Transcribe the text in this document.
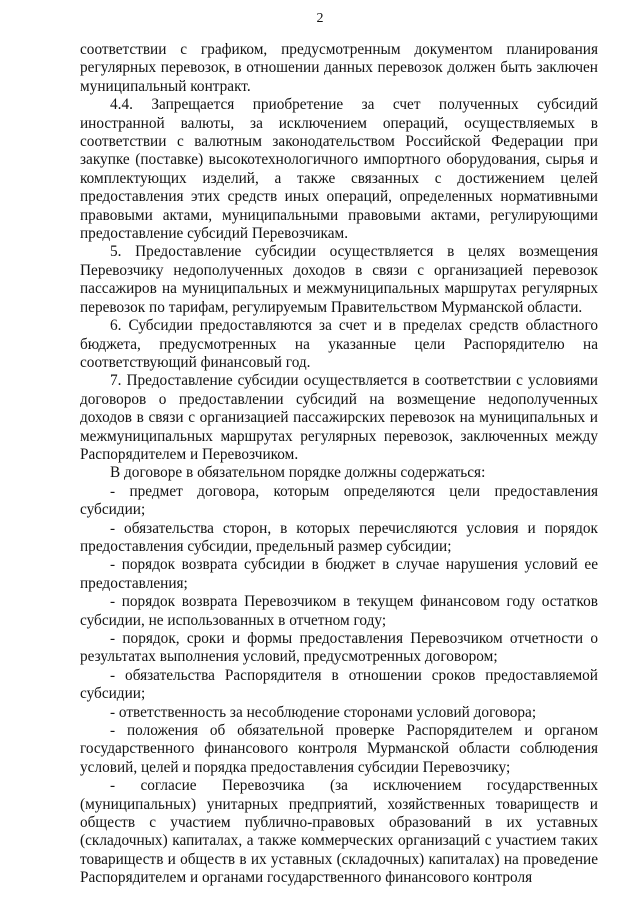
2

соответствии с графиком, предусмотренным документом планирования регулярных перевозок, в отношении данных перевозок должен быть заключен муниципальный контракт.

4.4. Запрещается приобретение за счет полученных субсидий иностранной валюты, за исключением операций, осуществляемых в соответствии с валютным законодательством Российской Федерации при закупке (поставке) высокотехнологичного импортного оборудования, сырья и комплектующих изделий, а также связанных с достижением целей предоставления этих средств иных операций, определенных нормативными правовыми актами, муниципальными правовыми актами, регулирующими предоставление субсидий Перевозчикам.

5. Предоставление субсидии осуществляется в целях возмещения Перевозчику недополученных доходов в связи с организацией перевозок пассажиров на муниципальных и межмуниципальных маршрутах регулярных перевозок по тарифам, регулируемым Правительством Мурманской области.

6. Субсидии предоставляются за счет и в пределах средств областного бюджета, предусмотренных на указанные цели Распорядителю на соответствующий финансовый год.

7. Предоставление субсидии осуществляется в соответствии с условиями договоров о предоставлении субсидий на возмещение недополученных доходов в связи с организацией пассажирских перевозок на муниципальных и межмуниципальных маршрутах регулярных перевозок, заключенных между Распорядителем и Перевозчиком.

В договоре в обязательном порядке должны содержаться:

- предмет договора, которым определяются цели предоставления субсидии;

- обязательства сторон, в которых перечисляются условия и порядок предоставления субсидии, предельный размер субсидии;

- порядок возврата субсидии в бюджет в случае нарушения условий ее предоставления;

- порядок возврата Перевозчиком в текущем финансовом году остатков субсидии, не использованных в отчетном году;

- порядок, сроки и формы предоставления Перевозчиком отчетности о результатах выполнения условий, предусмотренных договором;

- обязательства Распорядителя в отношении сроков предоставляемой субсидии;

- ответственность за несоблюдение сторонами условий договора;

- положения об обязательной проверке Распорядителем и органом государственного финансового контроля Мурманской области соблюдения условий, целей и порядка предоставления субсидии Перевозчику;

- согласие Перевозчика (за исключением государственных (муниципальных) унитарных предприятий, хозяйственных товариществ и обществ с участием публично-правовых образований в их уставных (складочных) капиталах, а также коммерческих организаций с участием таких товариществ и обществ в их уставных (складочных) капиталах) на проведение Распорядителем и органами государственного финансового контроля
